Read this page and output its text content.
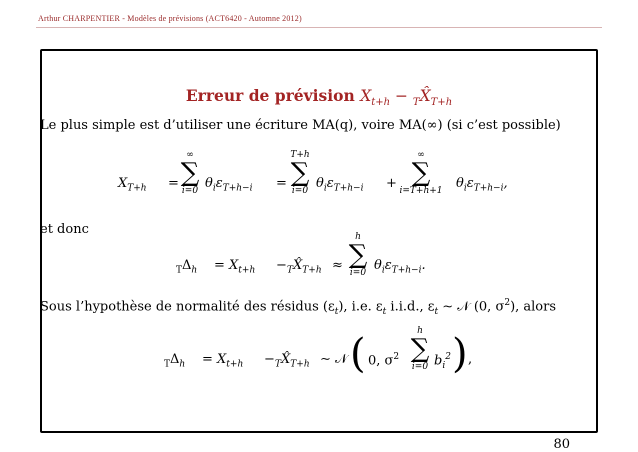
Arthur CHARPENTIER - Modèles de prévisions (ACT6420 - Automne 2012)
Erreur de prévision $X_{t+h}$ − $_TX̂_{T+h}$
Le plus simple est d’utiliser une écriture MA(q), voire MA(∞) (si c’est possible)
$X_{T+h}$ =
∞
∑
i=0 $\theta_i\varepsilon_{T+h-i}$ =
T+h
∑
i=0 $\theta_i\varepsilon_{T+h-i}$ +
∞
∑
i=T+h+1	$\theta_i\varepsilon_{T+h-i}$,
et donc
$_T\Delta_h = X_{t+h}$ − $_TX̂_{T+h}$ ≈
h
∑
i=0 $\theta_i\varepsilon_{T+h-i}$.
Sous l’hypothèse de normalité des résidus $(\varepsilon_t)$, i.e. $\varepsilon_t$ i.i.d., $\varepsilon_t$ ∼ 𝒩 (0, $\sigma^2$), alors
$_T\Delta_h = X_{t+h}$ − $_TX̂_{T+h}$ ∼ 𝒩 ( 0, $\sigma^2$
h
∑
i=0 $b_i^2$ ) ,
80
